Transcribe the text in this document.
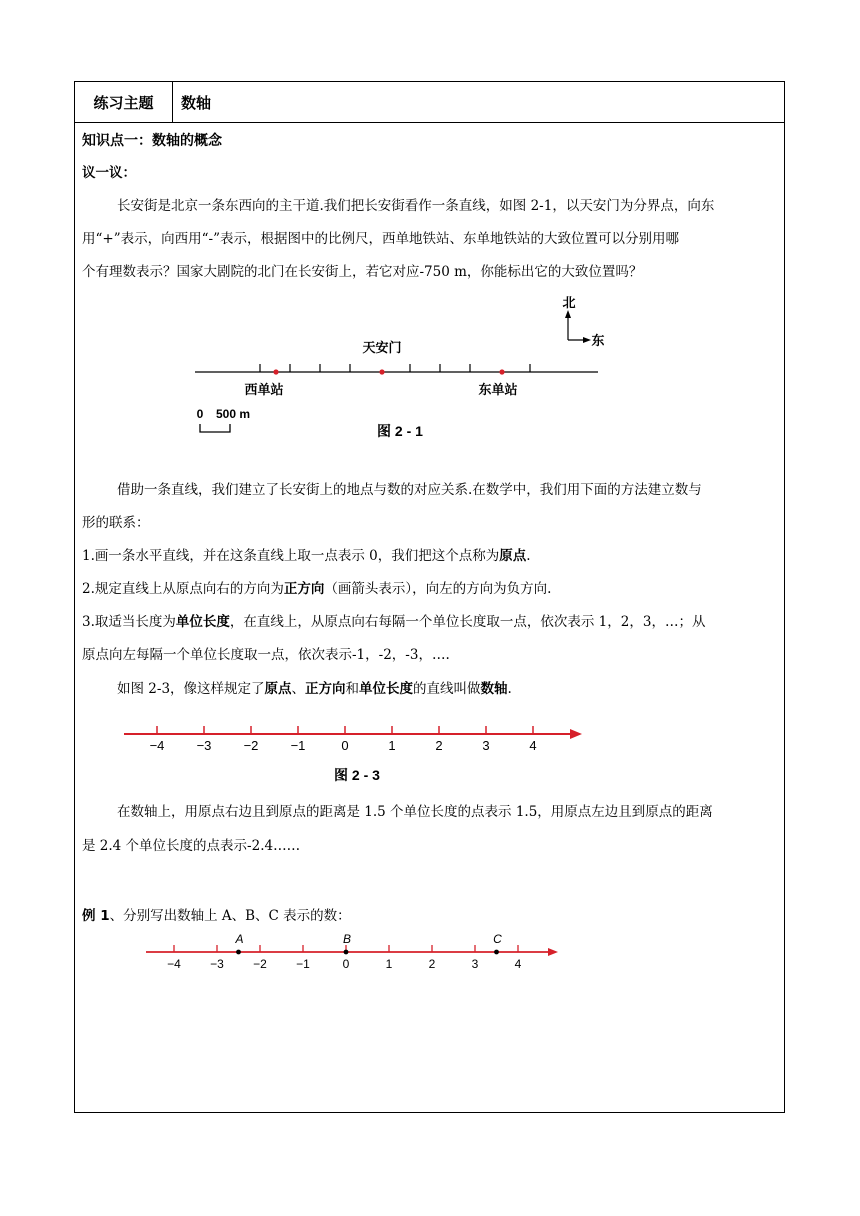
练习主题	数轴
知识点一：数轴的概念
议一议：
长安街是北京一条东西向的主干道.我们把长安街看作一条直线，如图 2-1，以天安门为分界点，向东
用“+”表示，向西用“-”表示，根据图中的比例尺，西单地铁站、东单地铁站的大致位置可以分别用哪
个有理数表示？国家大剧院的北门在长安街上，若它对应-750 m，你能标出它的大致位置吗？
天安门
西单站	东单站
北
东
0 500 m
图 2 - 1
借助一条直线，我们建立了长安街上的地点与数的对应关系.在数学中，我们用下面的方法建立数与
形的联系：
1.画一条水平直线，并在这条直线上取一点表示 0，我们把这个点称为原点.
2.规定直线上从原点向右的方向为正方向（画箭头表示），向左的方向为负方向.
3.取适当长度为单位长度，在直线上，从原点向右每隔一个单位长度取一点，依次表示 1，2，3，…；从
原点向左每隔一个单位长度取一点，依次表示-1，-2，-3，….
如图 2-3，像这样规定了原点、正方向和单位长度的直线叫做数轴.
−4 −3 −2 −1	0	1	2	3	4
图 2 - 3
在数轴上，用原点右边且到原点的距离是 1.5 个单位长度的点表示 1.5，用原点左边且到原点的距离
是 2.4 个单位长度的点表示-2.4……
例 1、分别写出数轴上 A、B、C 表示的数：
−4 −3 −2 −1	0	1	2	3	4
A	B	C
